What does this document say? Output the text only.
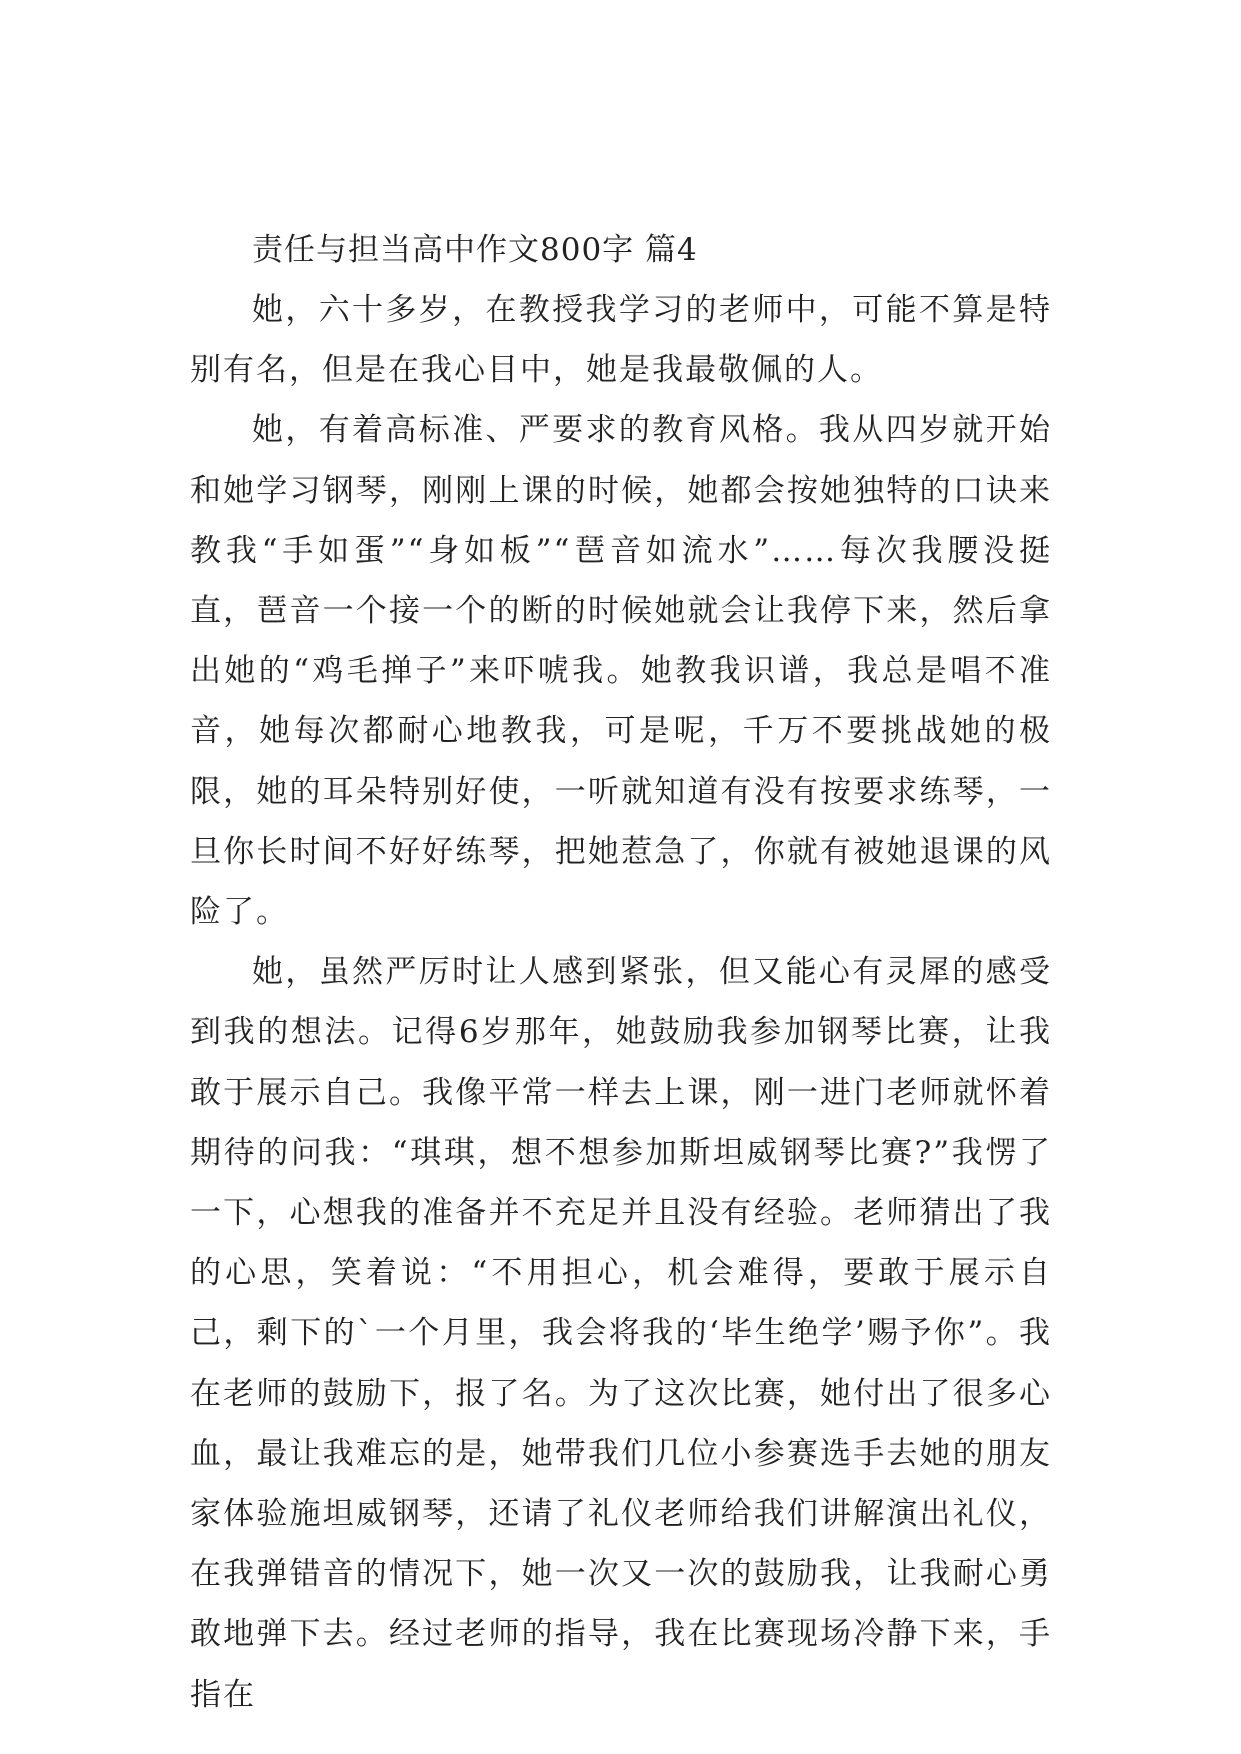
责任与担当高中作文800字 篇4

她，六十多岁，在教授我学习的老师中，可能不算是特别有名，但是在我心目中，她是我最敬佩的人。

她，有着高标准、严要求的教育风格。我从四岁就开始和她学习钢琴，刚刚上课的时候，她都会按她独特的口诀来教我“手如蛋”“身如板”“琶音如流水”……每次我腰没挺直，琶音一个接一个的断的时候她就会让我停下来，然后拿出她的“鸡毛掸子”来吓唬我。她教我识谱，我总是唱不准音，她每次都耐心地教我，可是呢，千万不要挑战她的极限，她的耳朵特别好使，一听就知道有没有按要求练琴，一旦你长时间不好好练琴，把她惹急了，你就有被她退课的风险了。

她，虽然严厉时让人感到紧张，但又能心有灵犀的感受到我的想法。记得6岁那年，她鼓励我参加钢琴比赛，让我敢于展示自己。我像平常一样去上课，刚一进门老师就怀着期待的问我：“琪琪，想不想参加斯坦威钢琴比赛?”我愣了一下，心想我的准备并不充足并且没有经验。老师猜出了我的心思，笑着说：“不用担心，机会难得，要敢于展示自己，剩下的`一个月里，我会将我的‘毕生绝学’赐予你”。我在老师的鼓励下，报了名。为了这次比赛，她付出了很多心血，最让我难忘的是，她带我们几位小参赛选手去她的朋友家体验施坦威钢琴，还请了礼仪老师给我们讲解演出礼仪，在我弹错音的情况下，她一次又一次的鼓励我，让我耐心勇敢地弹下去。经过老师的指导，我在比赛现场冷静下来，手指在
